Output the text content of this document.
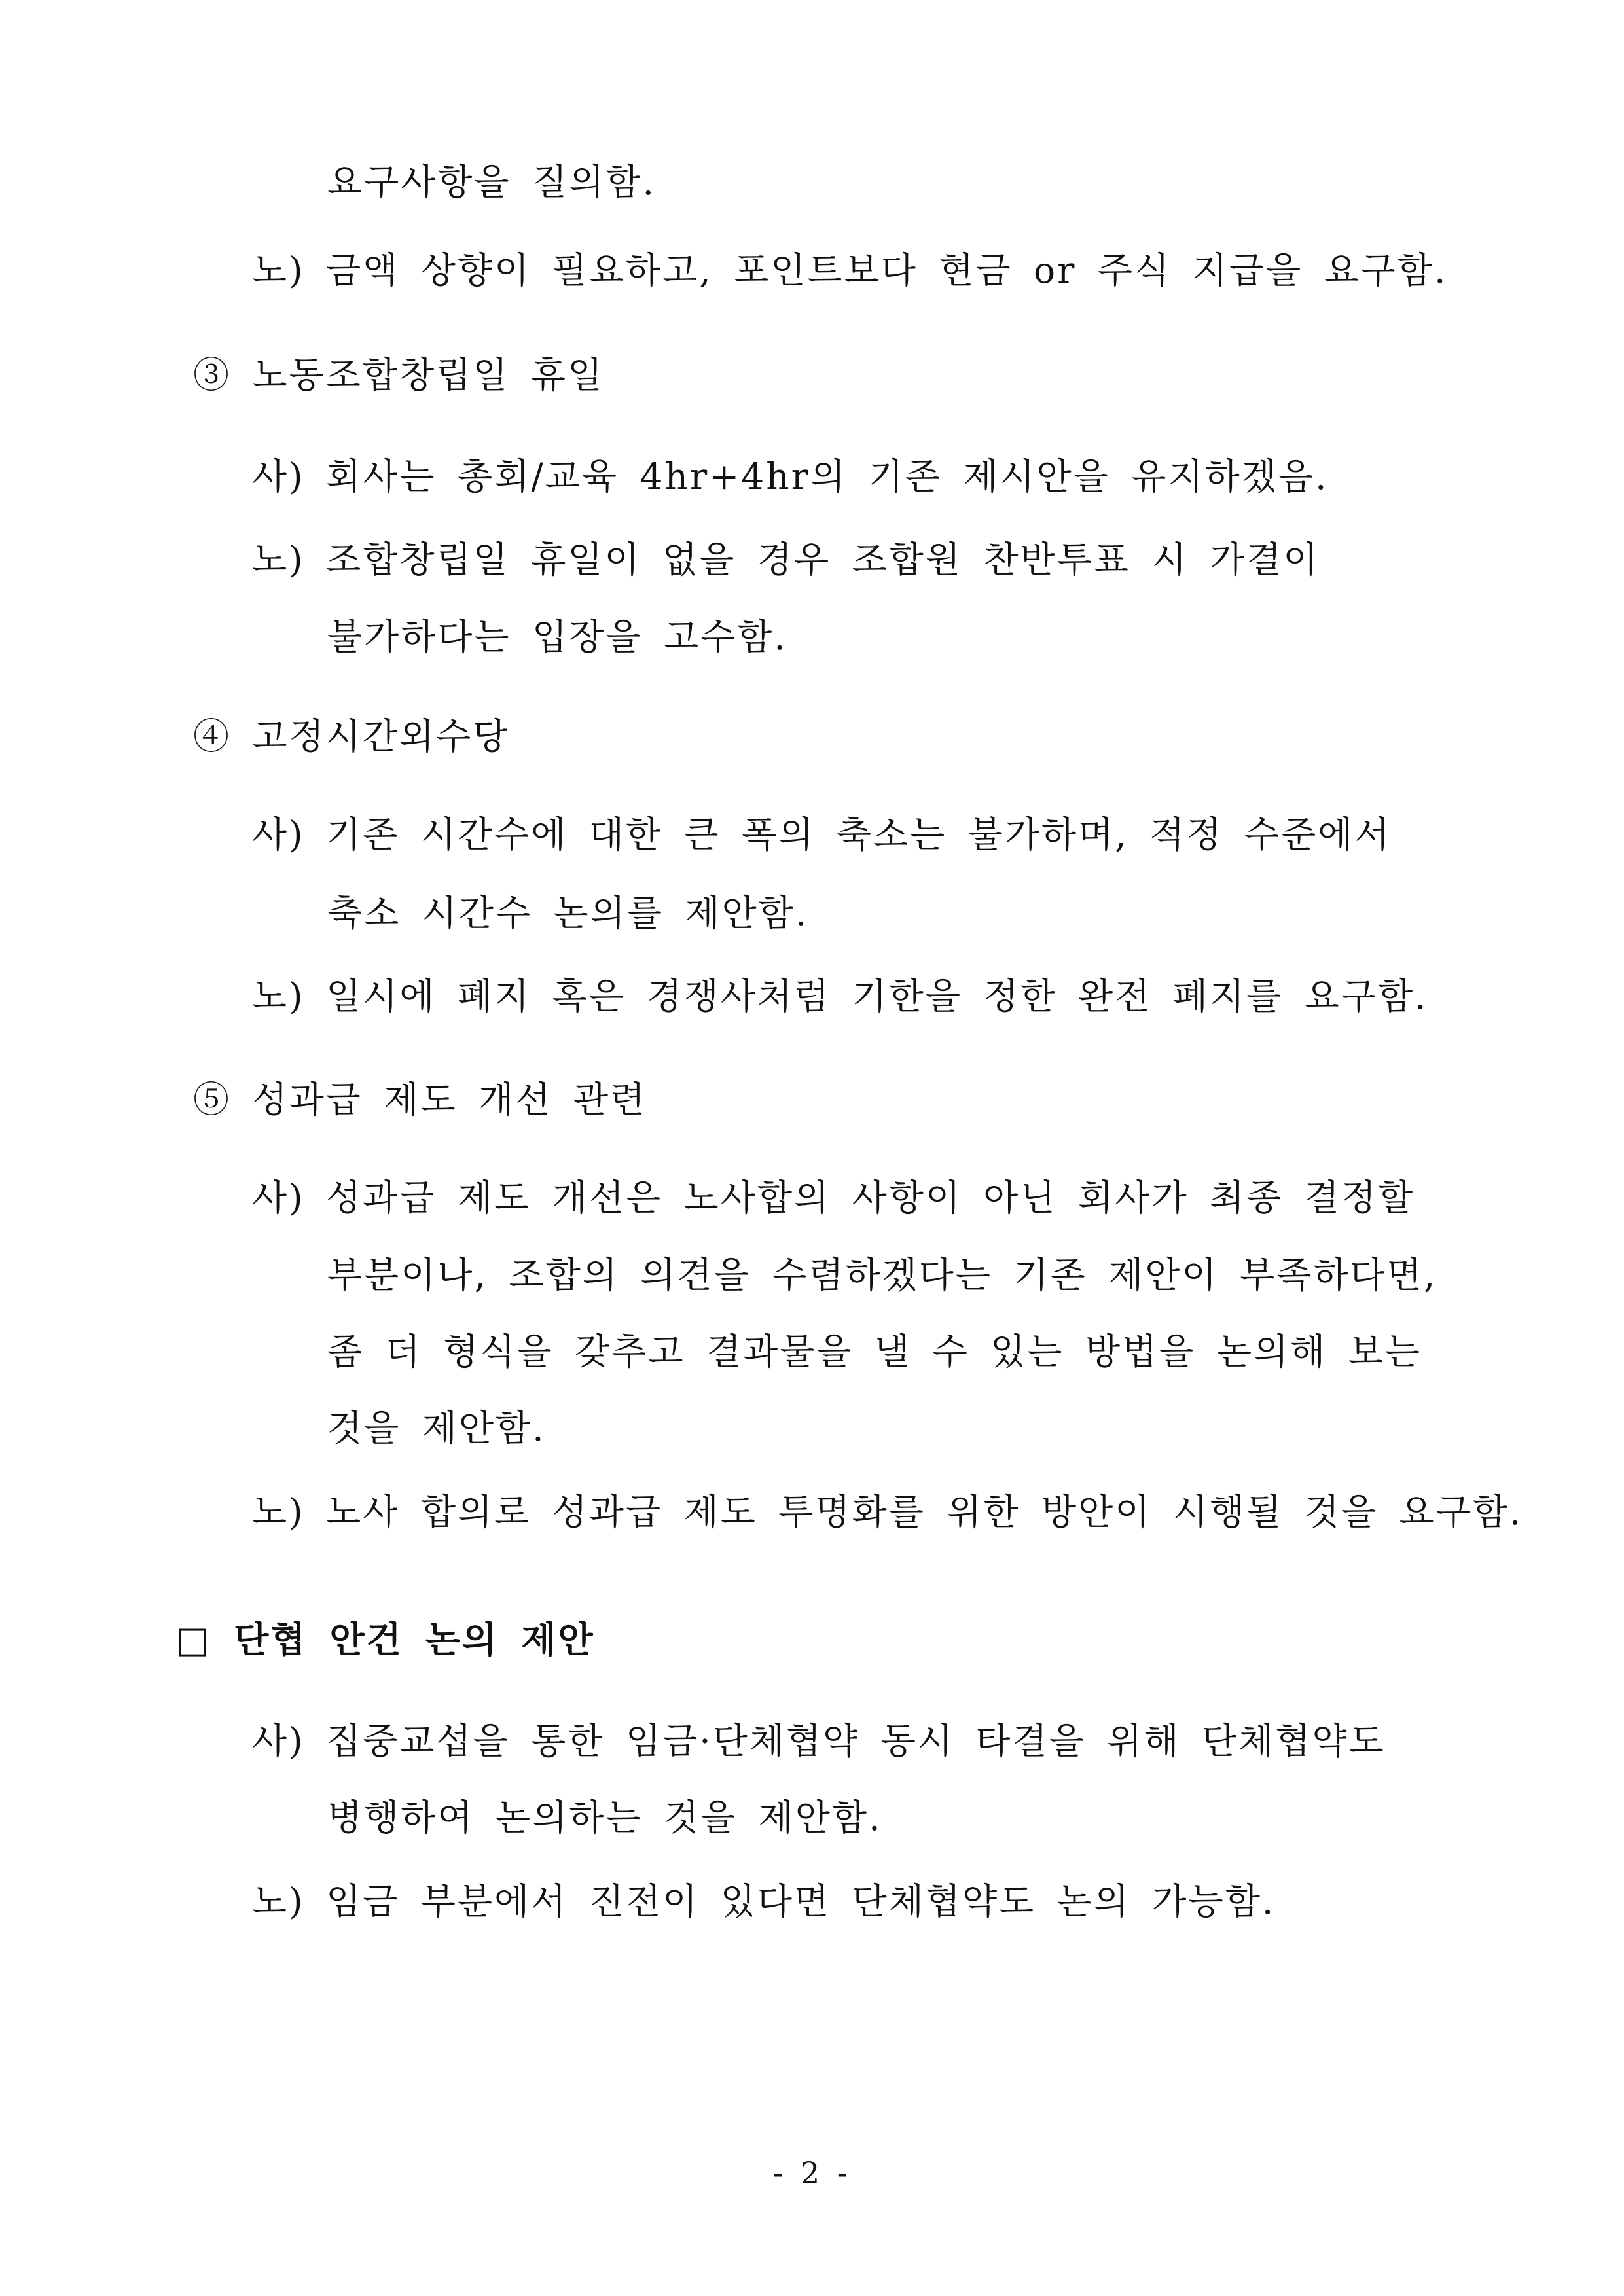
요구사항을 질의함.
노) 금액 상향이 필요하고, 포인트보다 현금 or 주식 지급을 요구함.
③ 노동조합창립일 휴일
사) 회사는 총회/교육 4hr+4hr의 기존 제시안을 유지하겠음.
노) 조합창립일 휴일이 없을 경우 조합원 찬반투표 시 가결이
불가하다는 입장을 고수함.
④ 고정시간외수당
사) 기존 시간수에 대한 큰 폭의 축소는 불가하며, 적정 수준에서
축소 시간수 논의를 제안함.
노) 일시에 폐지 혹은 경쟁사처럼 기한을 정한 완전 폐지를 요구함.
⑤ 성과급 제도 개선 관련
사) 성과급 제도 개선은 노사합의 사항이 아닌 회사가 최종 결정할
부분이나, 조합의 의견을 수렴하겠다는 기존 제안이 부족하다면,
좀 더 형식을 갖추고 결과물을 낼 수 있는 방법을 논의해 보는
것을 제안함.
노) 노사 합의로 성과급 제도 투명화를 위한 방안이 시행될 것을 요구함.
□ 단협 안건 논의 제안
사) 집중교섭을 통한 임금·단체협약 동시 타결을 위해 단체협약도
병행하여 논의하는 것을 제안함.
노) 임금 부분에서 진전이 있다면 단체협약도 논의 가능함.
- 2 -
